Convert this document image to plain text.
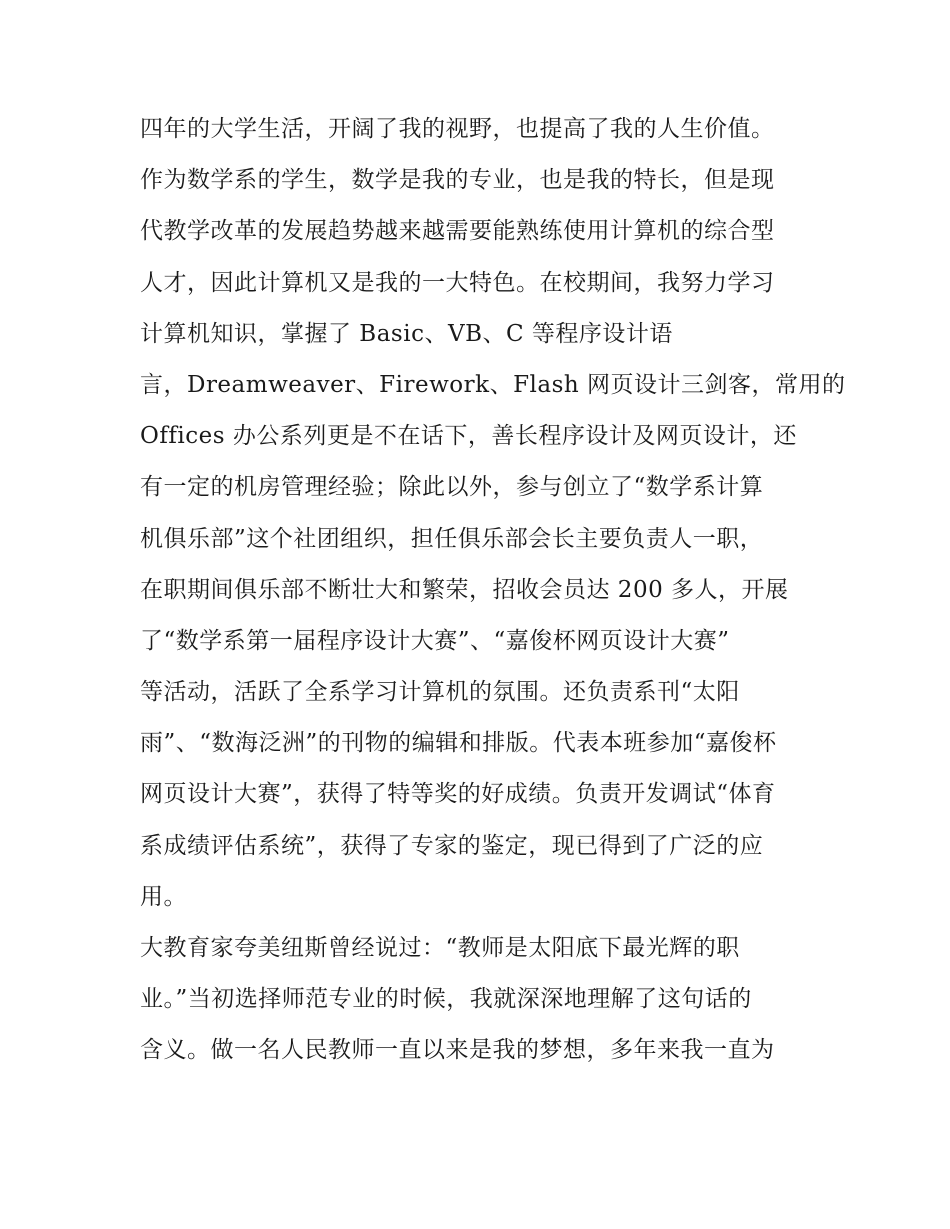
四年的大学生活，开阔了我的视野，也提高了我的人生价值。
作为数学系的学生，数学是我的专业，也是我的特长，但是现
代教学改革的发展趋势越来越需要能熟练使用计算机的综合型
人才，因此计算机又是我的一大特色。在校期间，我努力学习
计算机知识，掌握了 Basic、VB、C 等程序设计语
言，Dreamweaver、Firework、Flash 网页设计三剑客，常用的
Offices 办公系列更是不在话下，善长程序设计及网页设计，还
有一定的机房管理经验；除此以外，参与创立了“数学系计算
机俱乐部”这个社团组织，担任俱乐部会长主要负责人一职，
在职期间俱乐部不断壮大和繁荣，招收会员达 200 多人，开展
了“数学系第一届程序设计大赛”、“嘉俊杯网页设计大赛”
等活动，活跃了全系学习计算机的氛围。还负责系刊“太阳
雨”、“数海泛洲”的刊物的编辑和排版。代表本班参加“嘉俊杯
网页设计大赛”，获得了特等奖的好成绩。负责开发调试“体育
系成绩评估系统”，获得了专家的鉴定，现已得到了广泛的应
用。
大教育家夸美纽斯曾经说过：“教师是太阳底下最光辉的职
业。”当初选择师范专业的时候，我就深深地理解了这句话的
含义。做一名人民教师一直以来是我的梦想，多年来我一直为
